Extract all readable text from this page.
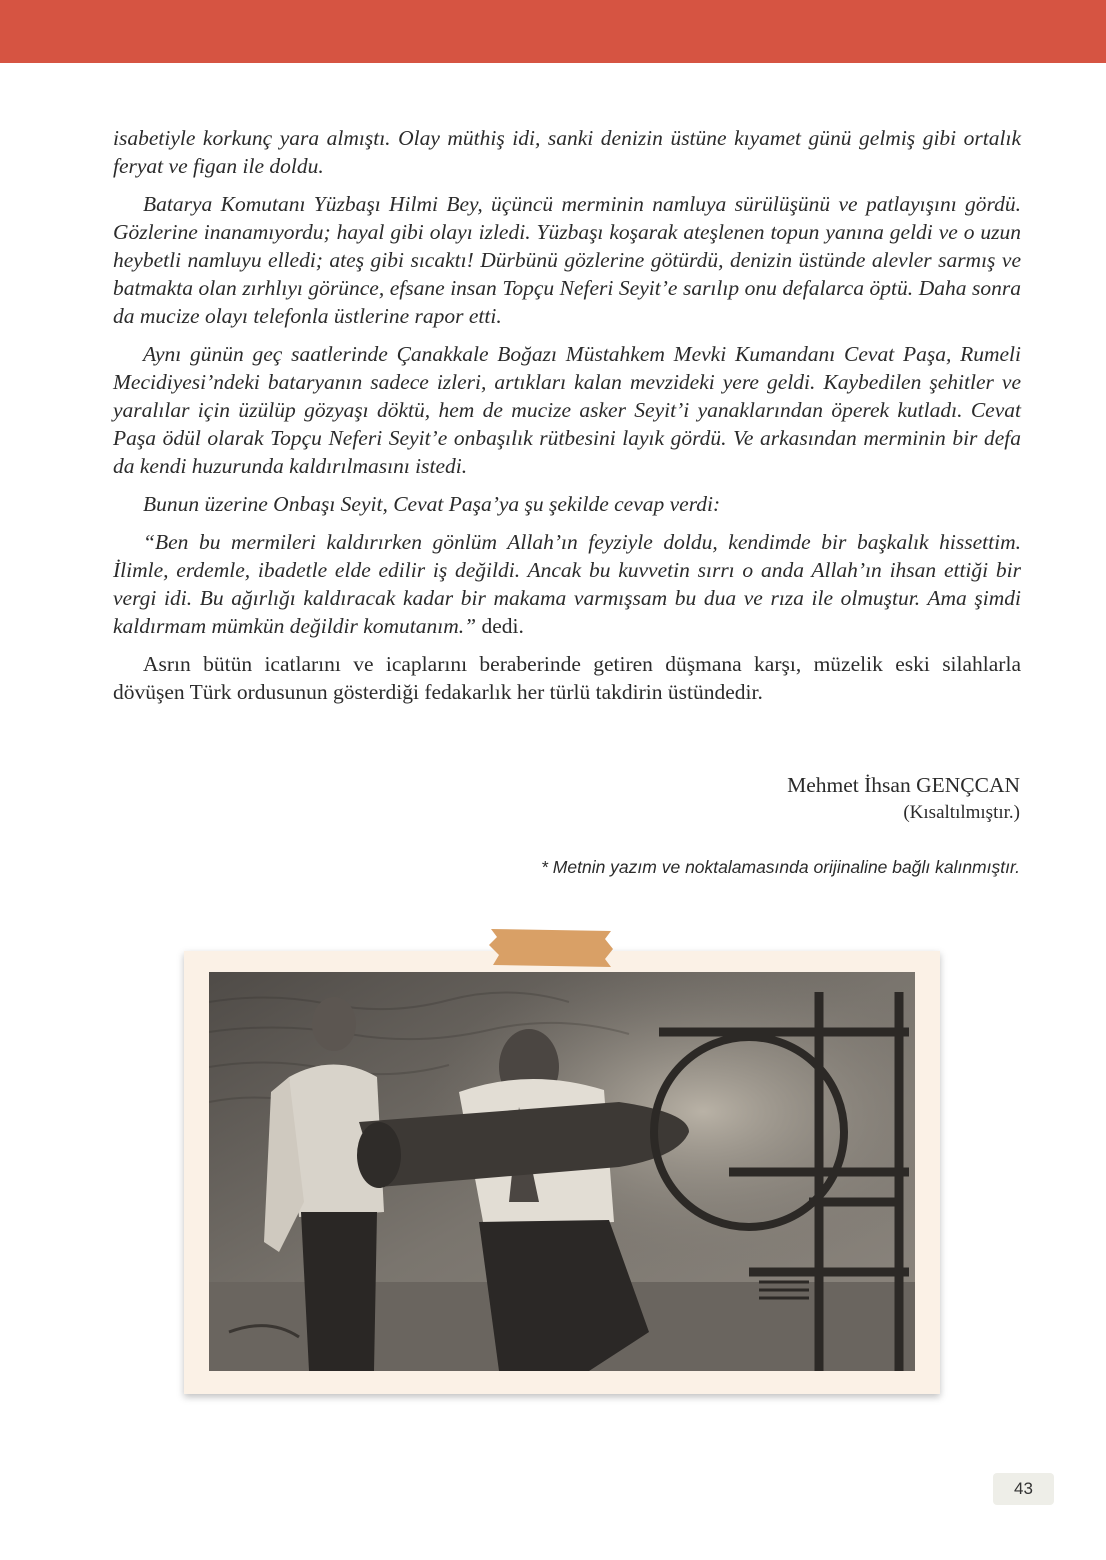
isabetiyle korkunç yara almıştı. Olay müthiş idi, sanki denizin üstüne kıyamet günü gelmiş gibi ortalık feryat ve figan ile doldu.

Batarya Komutanı Yüzbaşı Hilmi Bey, üçüncü merminin namluya sürülüşünü ve patlayışını gördü. Gözlerine inanamıyordu; hayal gibi olayı izledi. Yüzbaşı koşarak ateşlenen topun yanına geldi ve o uzun heybetli namluyu elledi; ateş gibi sıcaktı! Dürbünü gözlerine götürdü, denizin üstünde alevler sarmış ve batmakta olan zırhlıyı görünce, efsane insan Topçu Neferi Seyit’e sarılıp onu defalarca öptü. Daha sonra da mucize olayı telefonla üstlerine rapor etti.

Aynı günün geç saatlerinde Çanakkale Boğazı Müstahkem Mevki Kumandanı Cevat Paşa, Rumeli Mecidiyesi’ndeki bataryanın sadece izleri, artıkları kalan mevzideki yere geldi. Kaybedilen şehitler ve yaralılar için üzülüp gözyaşı döktü, hem de mucize asker Seyit’i yanaklarından öperek kutladı. Cevat Paşa ödül olarak Topçu Neferi Seyit’e onbaşılık rütbesini layık gördü. Ve arkasından merminin bir defa da kendi huzurunda kaldırılmasını istedi.

Bunun üzerine Onbaşı Seyit, Cevat Paşa’ya şu şekilde cevap verdi:

“Ben bu mermileri kaldırırken gönlüm Allah’ın feyziyle doldu, kendimde bir başkalık hissettim. İlimle, erdemle, ibadetle elde edilir iş değildi. Ancak bu kuvvetin sırrı o anda Allah’ın ihsan ettiği bir vergi idi. Bu ağırlığı kaldıracak kadar bir makama varmışsam bu dua ve rıza ile olmuştur. Ama şimdi kaldırmam mümkün değildir komutanım.” dedi.

Asrın bütün icatlarını ve icaplarını beraberinde getiren düşmana karşı, müzelik eski silahlarla dövüşen Türk ordusunun gösterdiği fedakarlık her türlü takdirin üstündedir.

Mehmet İhsan GENÇCAN
(Kısaltılmıştır.)
* Metnin yazım ve noktalamasında orijinaline bağlı kalınmıştır.
43
